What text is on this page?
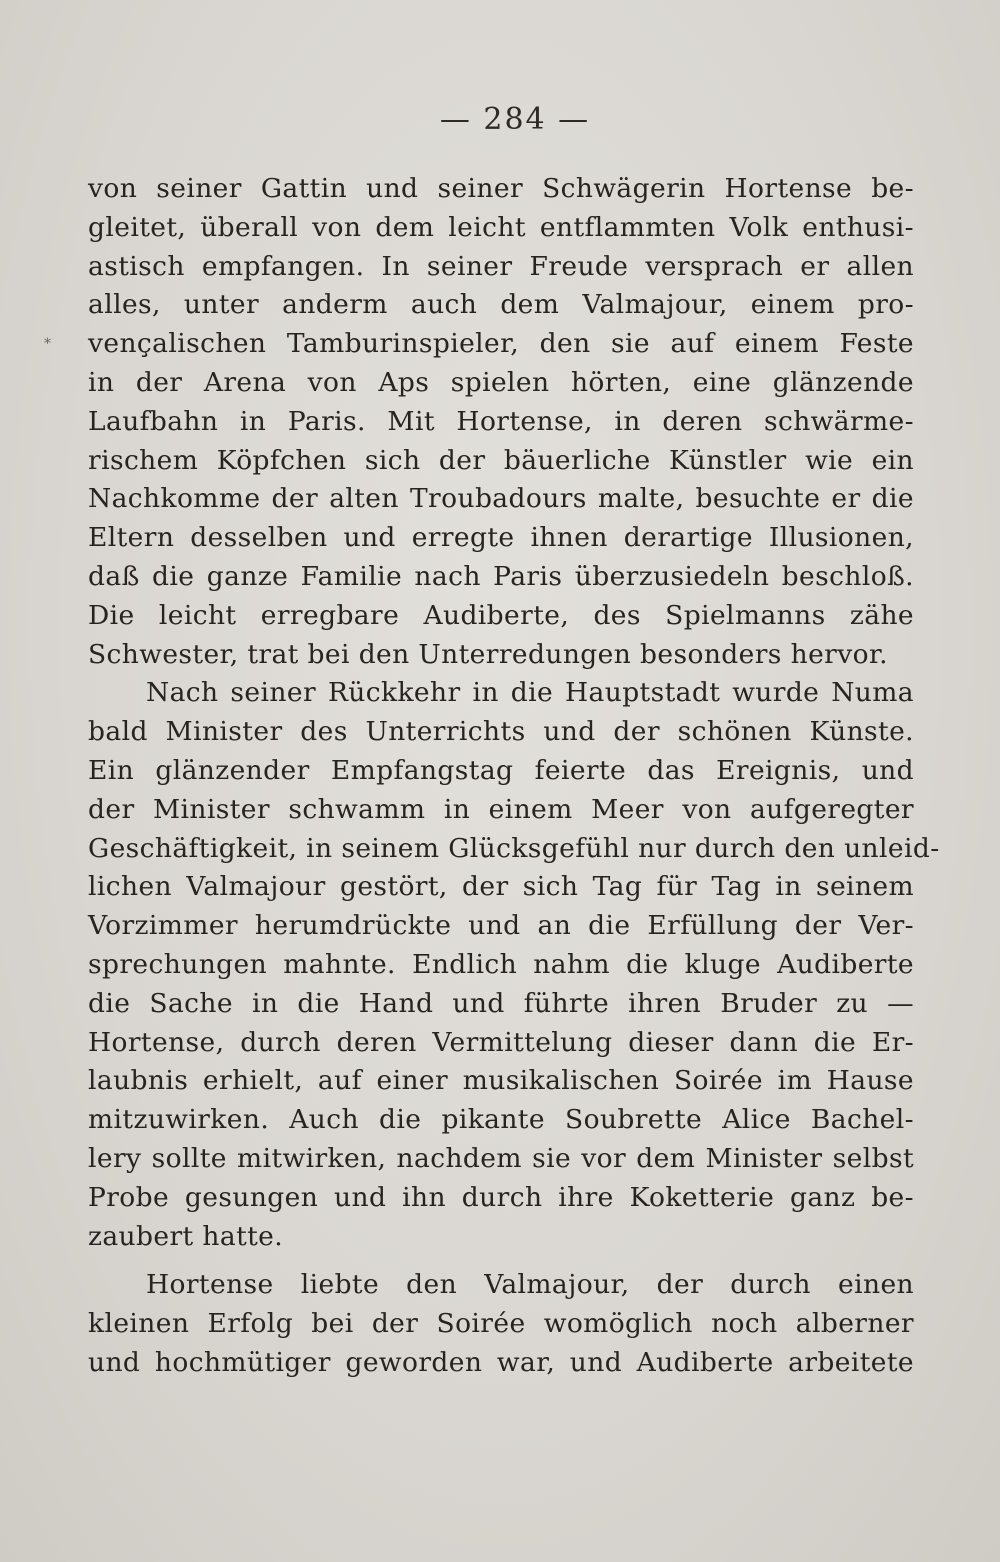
— 284 —
*
von seiner Gattin und seiner Schwägerin Hortense be-
gleitet, überall von dem leicht entflammten Volk enthusi-
astisch empfangen. In seiner Freude versprach er allen
alles, unter anderm auch dem Valmajour, einem pro-
vençalischen Tamburinspieler, den sie auf einem Feste
in der Arena von Aps spielen hörten, eine glänzende
Laufbahn in Paris. Mit Hortense, in deren schwärme-
rischem Köpfchen sich der bäuerliche Künstler wie ein
Nachkomme der alten Troubadours malte, besuchte er die
Eltern desselben und erregte ihnen derartige Illusionen,
daß die ganze Familie nach Paris überzusiedeln beschloß.
Die leicht erregbare Audiberte, des Spielmanns zähe
Schwester, trat bei den Unterredungen besonders hervor.
Nach seiner Rückkehr in die Hauptstadt wurde Numa
bald Minister des Unterrichts und der schönen Künste.
Ein glänzender Empfangstag feierte das Ereignis, und
der Minister schwamm in einem Meer von aufgeregter
Geschäftigkeit, in seinem Glücksgefühl nur durch den unleid-
lichen Valmajour gestört, der sich Tag für Tag in seinem
Vorzimmer herumdrückte und an die Erfüllung der Ver-
sprechungen mahnte. Endlich nahm die kluge Audiberte
die Sache in die Hand und führte ihren Bruder zu —
Hortense, durch deren Vermittelung dieser dann die Er-
laubnis erhielt, auf einer musikalischen Soirée im Hause
mitzuwirken. Auch die pikante Soubrette Alice Bachel-
lery sollte mitwirken, nachdem sie vor dem Minister selbst
Probe gesungen und ihn durch ihre Koketterie ganz be-
zaubert hatte.
Hortense liebte den Valmajour, der durch einen
kleinen Erfolg bei der Soirée womöglich noch alberner
und hochmütiger geworden war, und Audiberte arbeitete
